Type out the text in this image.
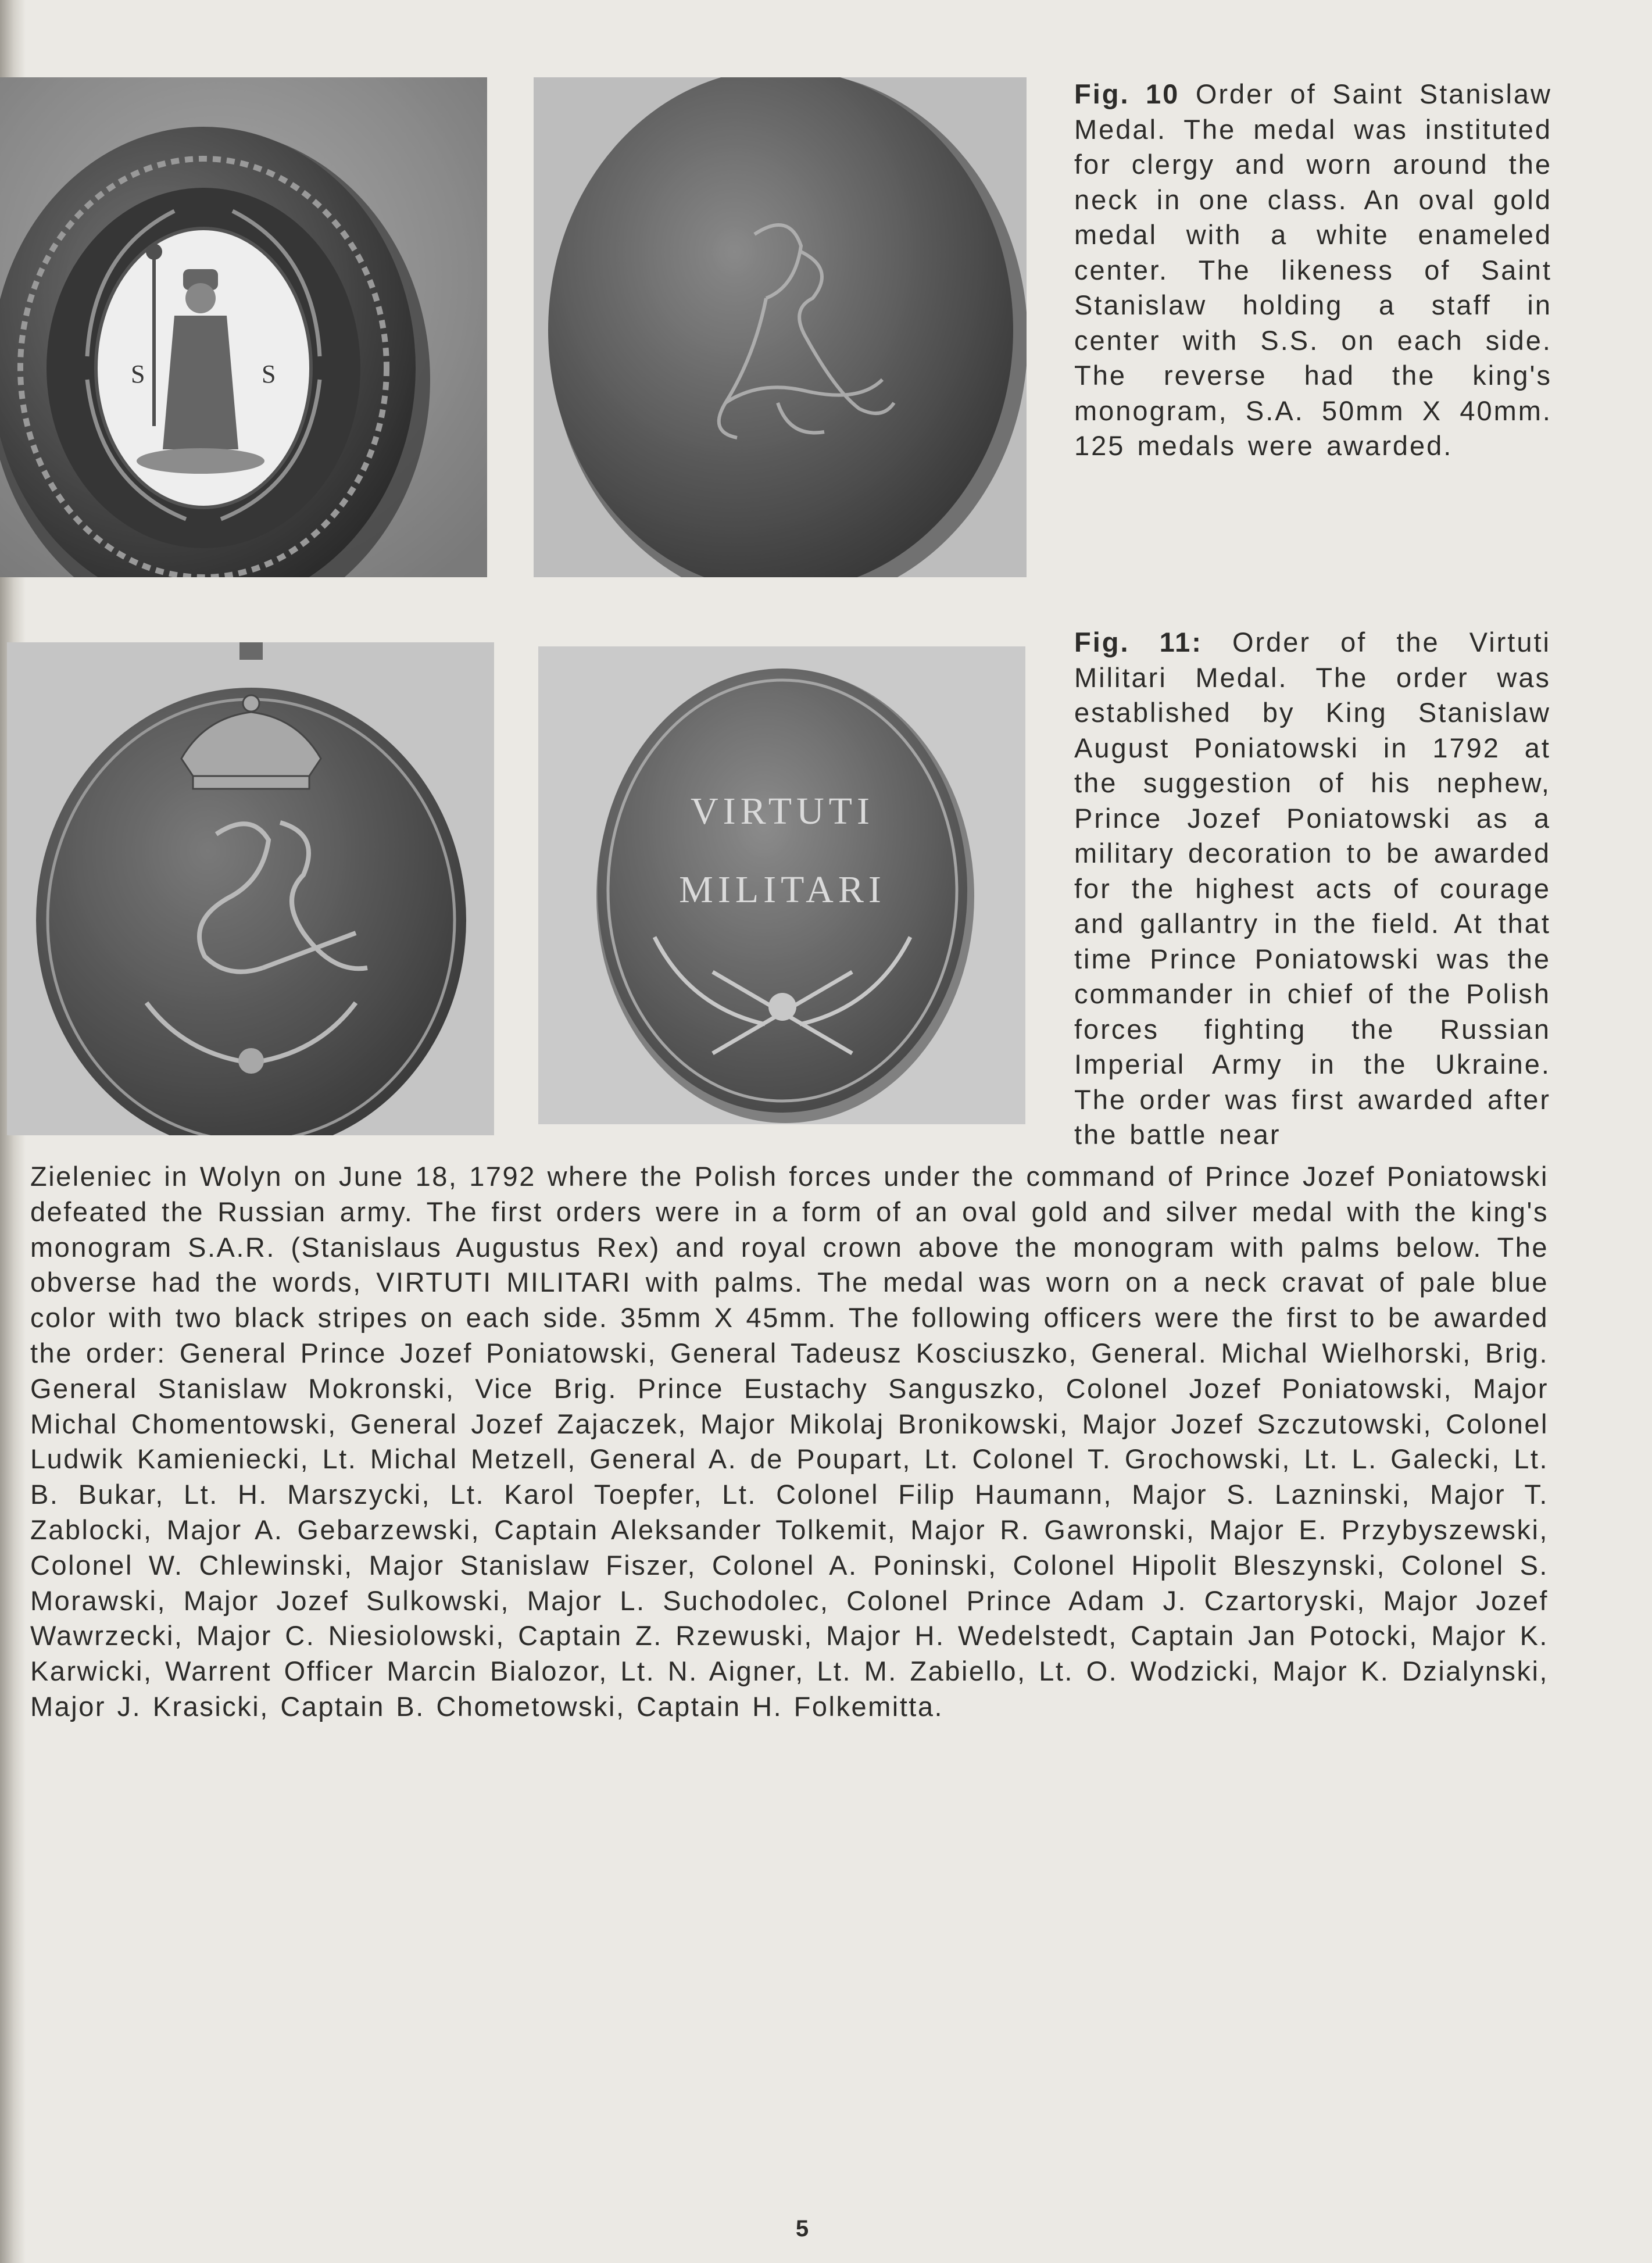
S	S
VIRTUTI
MILITARI

Fig. 10 Order of Saint Stanislaw Medal. The medal was instituted for clergy and worn around the neck in one class. An oval gold medal with a white enameled center. The likeness of Saint Stanislaw holding a staff in center with S.S. on each side. The reverse had the king's monogram, S.A. 50mm X 40mm. 125 medals were awarded.

Fig. 11: Order of the Virtuti Militari Medal. The order was established by King Stanislaw August Poniatowski in 1792 at the suggestion of his nephew, Prince Jozef Poniatowski as a military decoration to be awarded for the highest acts of courage and gallantry in the field. At that time Prince Poniatowski was the commander in chief of the Polish forces fighting the Russian Imperial Army in the Ukraine. The order was first awarded after the battle near

Zieleniec in Wolyn on June 18, 1792 where the Polish forces under the command of Prince Jozef Poniatowski defeated the Russian army. The first orders were in a form of an oval gold and silver medal with the king's monogram S.A.R. (Stanislaus Augustus Rex) and royal crown above the monogram with palms below. The obverse had the words, VIRTUTI MILITARI with palms. The medal was worn on a neck cravat of pale blue color with two black stripes on each side. 35mm X 45mm. The following officers were the first to be awarded the order: General Prince Jozef Poniatowski, General Tadeusz Kosciuszko, General. Michal Wielhorski, Brig. General Stanislaw Mokronski, Vice Brig. Prince Eustachy Sanguszko, Colonel Jozef Poniatowski, Major Michal Chomentowski, General Jozef Zajaczek, Major Mikolaj Bronikowski, Major Jozef Szczutowski, Colonel Ludwik Kamieniecki, Lt. Michal Metzell, General A. de Poupart, Lt. Colonel T. Grochowski, Lt. L. Galecki, Lt. B. Bukar, Lt. H. Marszycki, Lt. Karol Toepfer, Lt. Colonel Filip Haumann, Major S. Lazninski, Major T. Zablocki, Major A. Gebarzewski, Captain Aleksander Tolkemit, Major R. Gawronski, Major E. Przybyszewski, Colonel W. Chlewinski, Major Stanislaw Fiszer, Colonel A. Poninski, Colonel Hipolit Bleszynski, Colonel S. Morawski, Major Jozef Sulkowski, Major L. Suchodolec, Colonel Prince Adam J. Czartoryski, Major Jozef Wawrzecki, Major C. Niesiolowski, Captain Z. Rzewuski, Major H. Wedelstedt, Captain Jan Potocki, Major K. Karwicki, Warrent Officer Marcin Bialozor, Lt. N. Aigner, Lt. M. Zabiello, Lt. O. Wodzicki, Major K. Dzialynski, Major J. Krasicki, Captain B. Chometowski, Captain H. Folkemitta.

5
